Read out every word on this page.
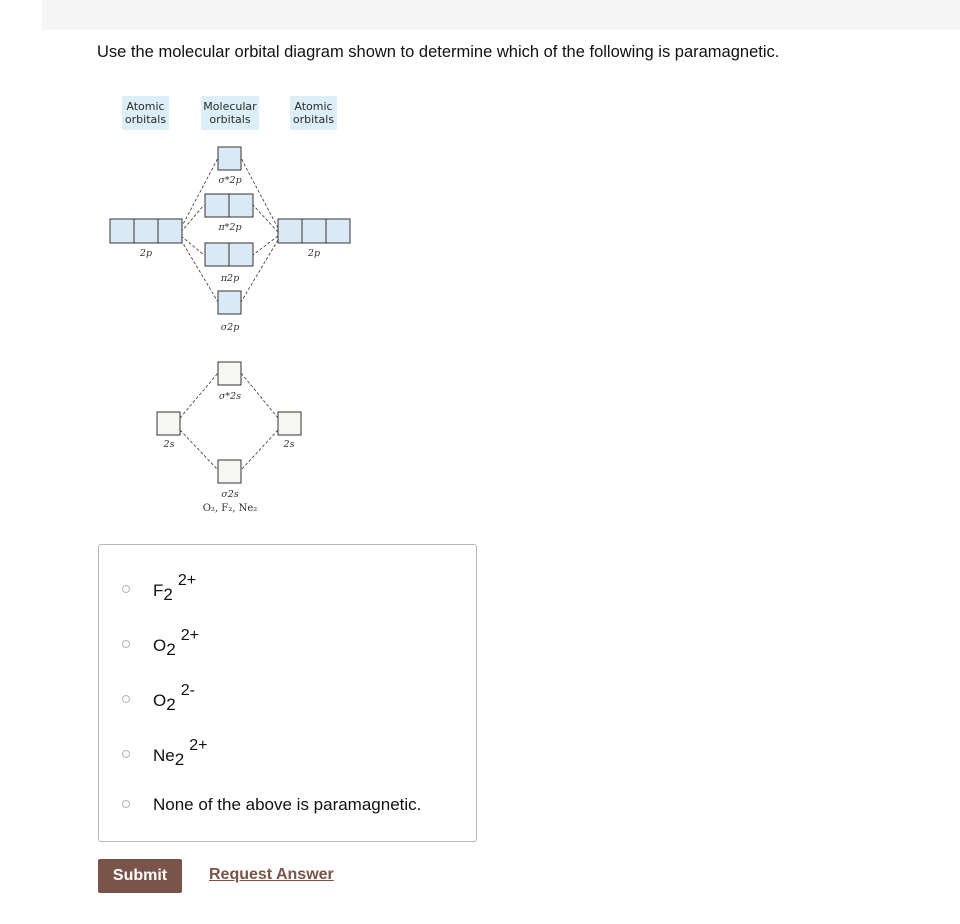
Use the molecular orbital diagram shown to determine which of the following is paramagnetic.
Atomic
orbitals
Molecular
orbitals
Atomic
orbitals
2p	2p
σ*2p
π*2p
π2p
σ2p
σ*2s
2s	2s
σ2s
O₂, F₂, Ne₂
F22+
O22+
O22-
Ne22+
None of the above is paramagnetic.
Submit	Request Answer
